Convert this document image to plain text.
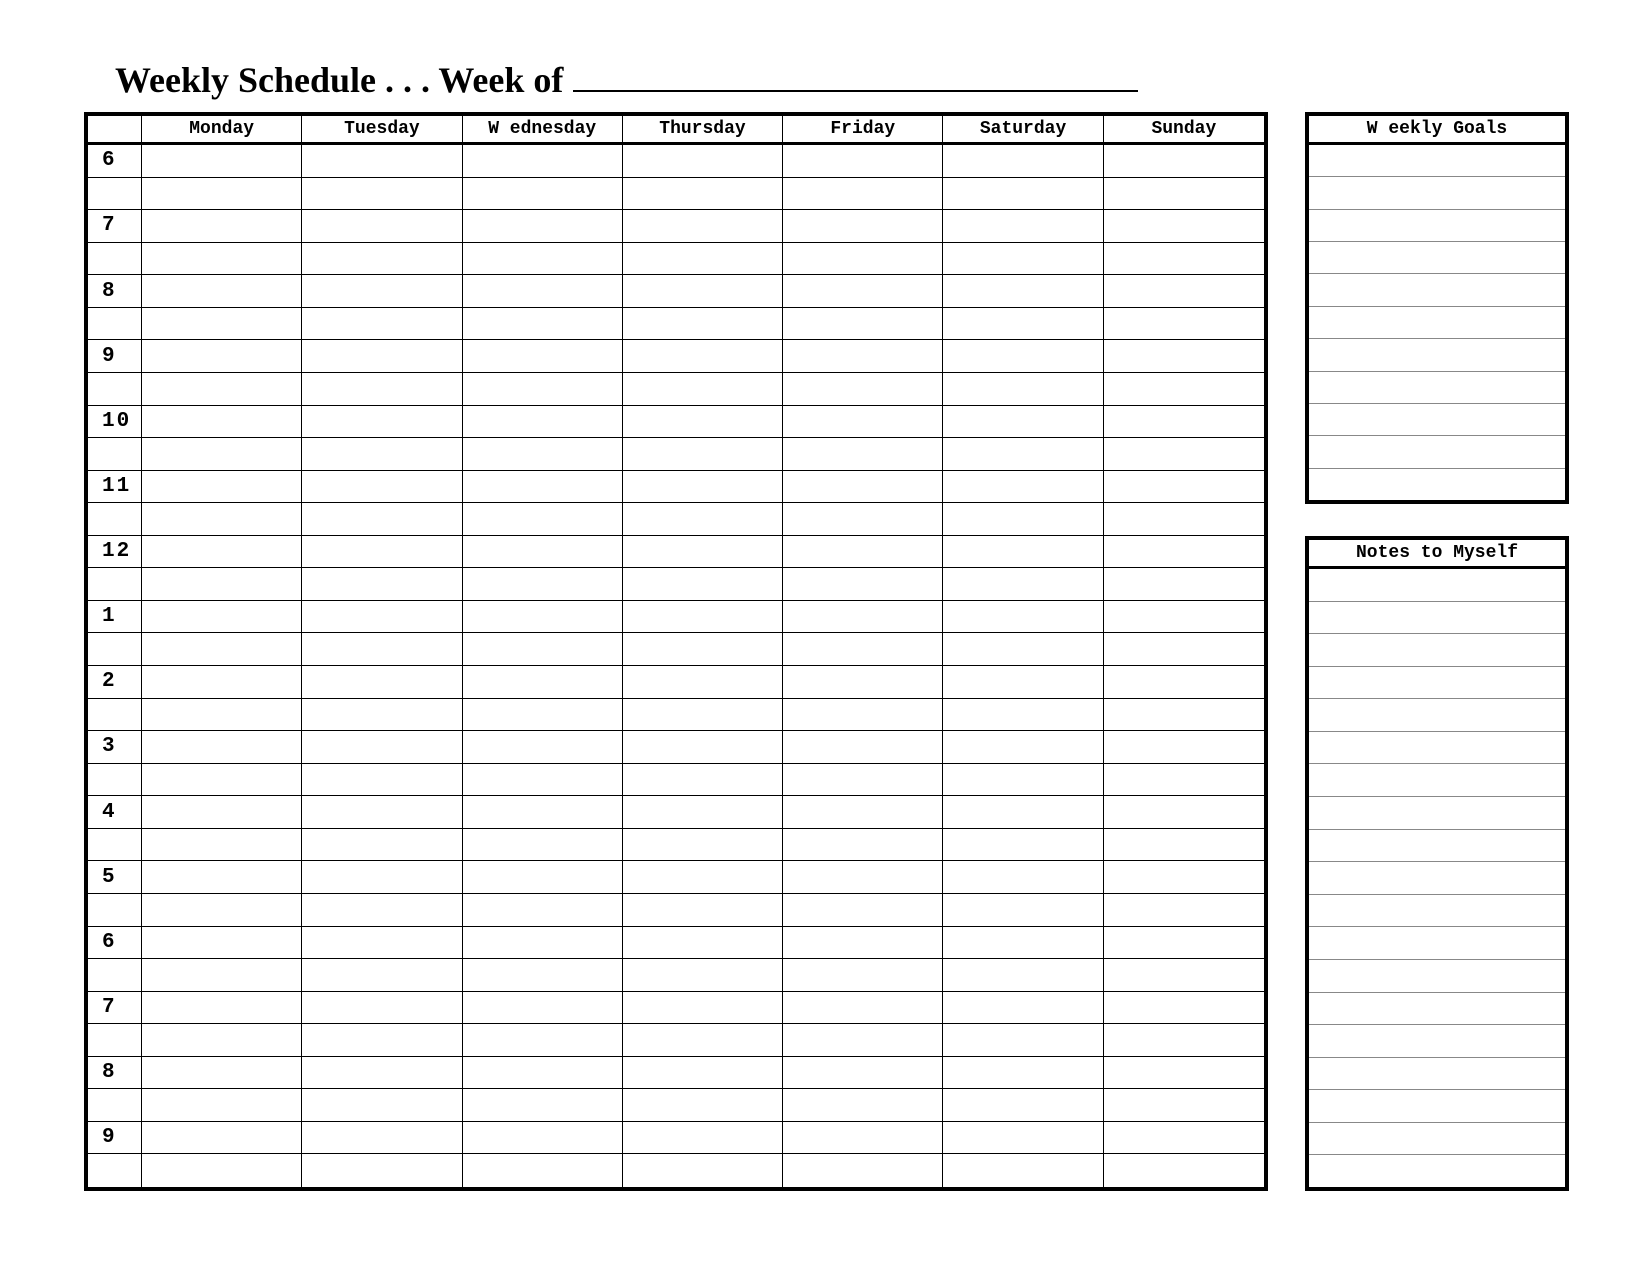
Weekly Schedule . . . Week of
Monday	Tuesday	W ednesday	Thursday	Friday	Saturday	Sunday
6
7
8
9
10
11
12
1
2
3
4
5
6
7
8
9
W eekly Goals
Notes to Myself
